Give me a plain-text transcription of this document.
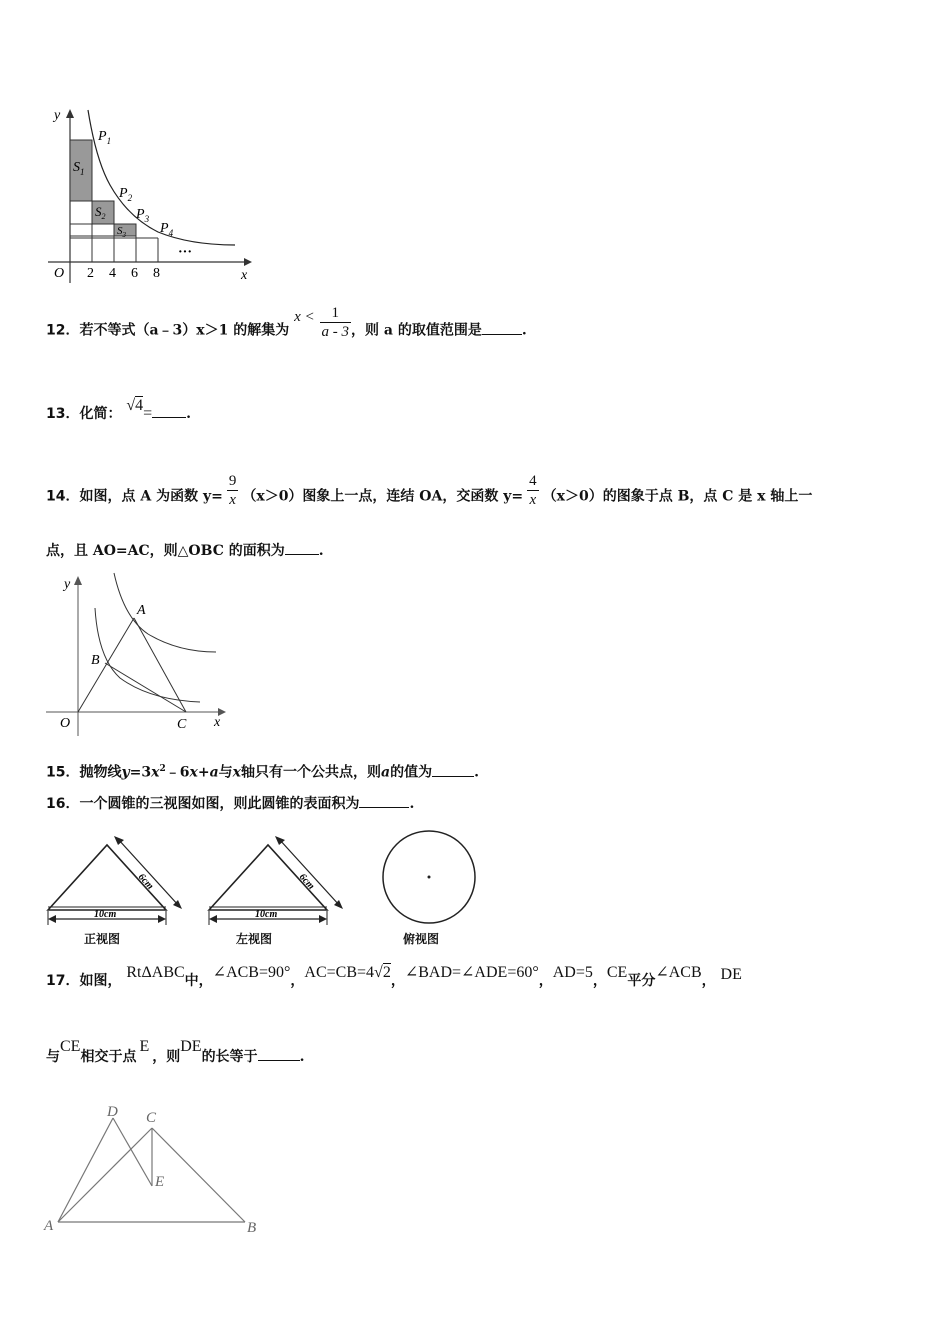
y
x
O 2 4 6 8
$P_1$
$P_2$
$P_3$
$P_4$
$S_1$
$S_2$
$S_3$
···
12．若不等式（a﹣3）x＞1 的解集为 $x < \frac{1}{a - 3}$ ，则 a 的取值范围是	.
13．化简： √4= .
14．如图，点 A 为函数 $y= \frac{9}{x} (x>0)$图象上一点，连结 OA，交函数 $y= \frac{4}{x} (x>0)$的图象于点 B，点 C 是 x 轴上一
点，且 AO=AC，则△OBC 的面积为 .
y
x
O
A
B
C
15．抛物线$y=3x^2﹣6x+a$与x轴只有一个公共点，则a的值为	.
16．一个圆锥的三视图如图，则此圆锥的表面积为	.
6cm
10cm
正视图
6cm
10cm
左视图	俯视图
17．如图， RtΔABC中，∠ACB=90°，AC=CB=4√2，∠BAD=∠ADE=60°，AD=5，CE平分∠ACB， DE
与CE相交于点E，则DE的长等于	.
D C
E
A	B
